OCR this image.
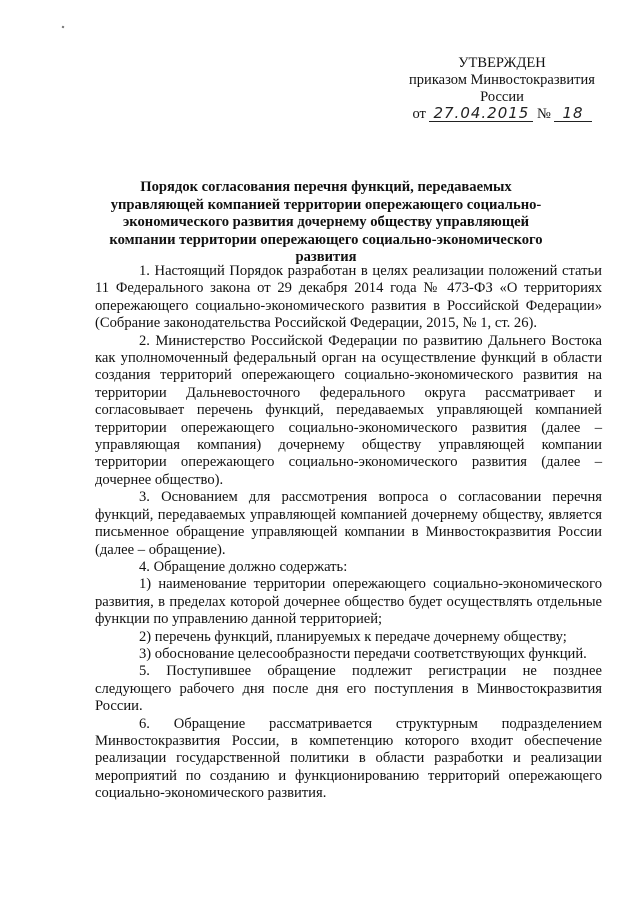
УТВЕРЖДЕН
приказом Минвостокразвития
России
от 27.04.2015 № 18
Порядок согласования перечня функций, передаваемых управляющей компанией территории опережающего социально-экономического развития дочернему обществу управляющей компании территории опережающего социально-экономического развития

1. Настоящий Порядок разработан в целях реализации положений статьи 11 Федерального закона от 29 декабря 2014 года № 473-ФЗ «О территориях опережающего социально-экономического развития в Российской Федерации» (Собрание законодательства Российской Федерации, 2015, № 1, ст. 26).

2. Министерство Российской Федерации по развитию Дальнего Востока как уполномоченный федеральный орган на осуществление функций в области создания территорий опережающего социально-экономического развития на территории Дальневосточного федерального округа рассматривает и согласовывает перечень функций, передаваемых управляющей компанией территории опережающего социально-экономического развития (далее – управляющая компания) дочернему обществу управляющей компании территории опережающего социально-экономического развития (далее – дочернее общество).

3. Основанием для рассмотрения вопроса о согласовании перечня функций, передаваемых управляющей компанией дочернему обществу, является письменное обращение управляющей компании в Минвостокразвития России (далее – обращение).

4. Обращение должно содержать:

1) наименование территории опережающего социально-экономического развития, в пределах которой дочернее общество будет осуществлять отдельные функции по управлению данной территорией;

2) перечень функций, планируемых к передаче дочернему обществу;

3) обоснование целесообразности передачи соответствующих функций.

5. Поступившее обращение подлежит регистрации не позднее следующего рабочего дня после дня его поступления в Минвостокразвития России.

6. Обращение рассматривается структурным подразделением Минвостокразвития России, в компетенцию которого входит обеспечение реализации государственной политики в области разработки и реализации мероприятий по созданию и функционированию территорий опережающего социально-экономического развития.
